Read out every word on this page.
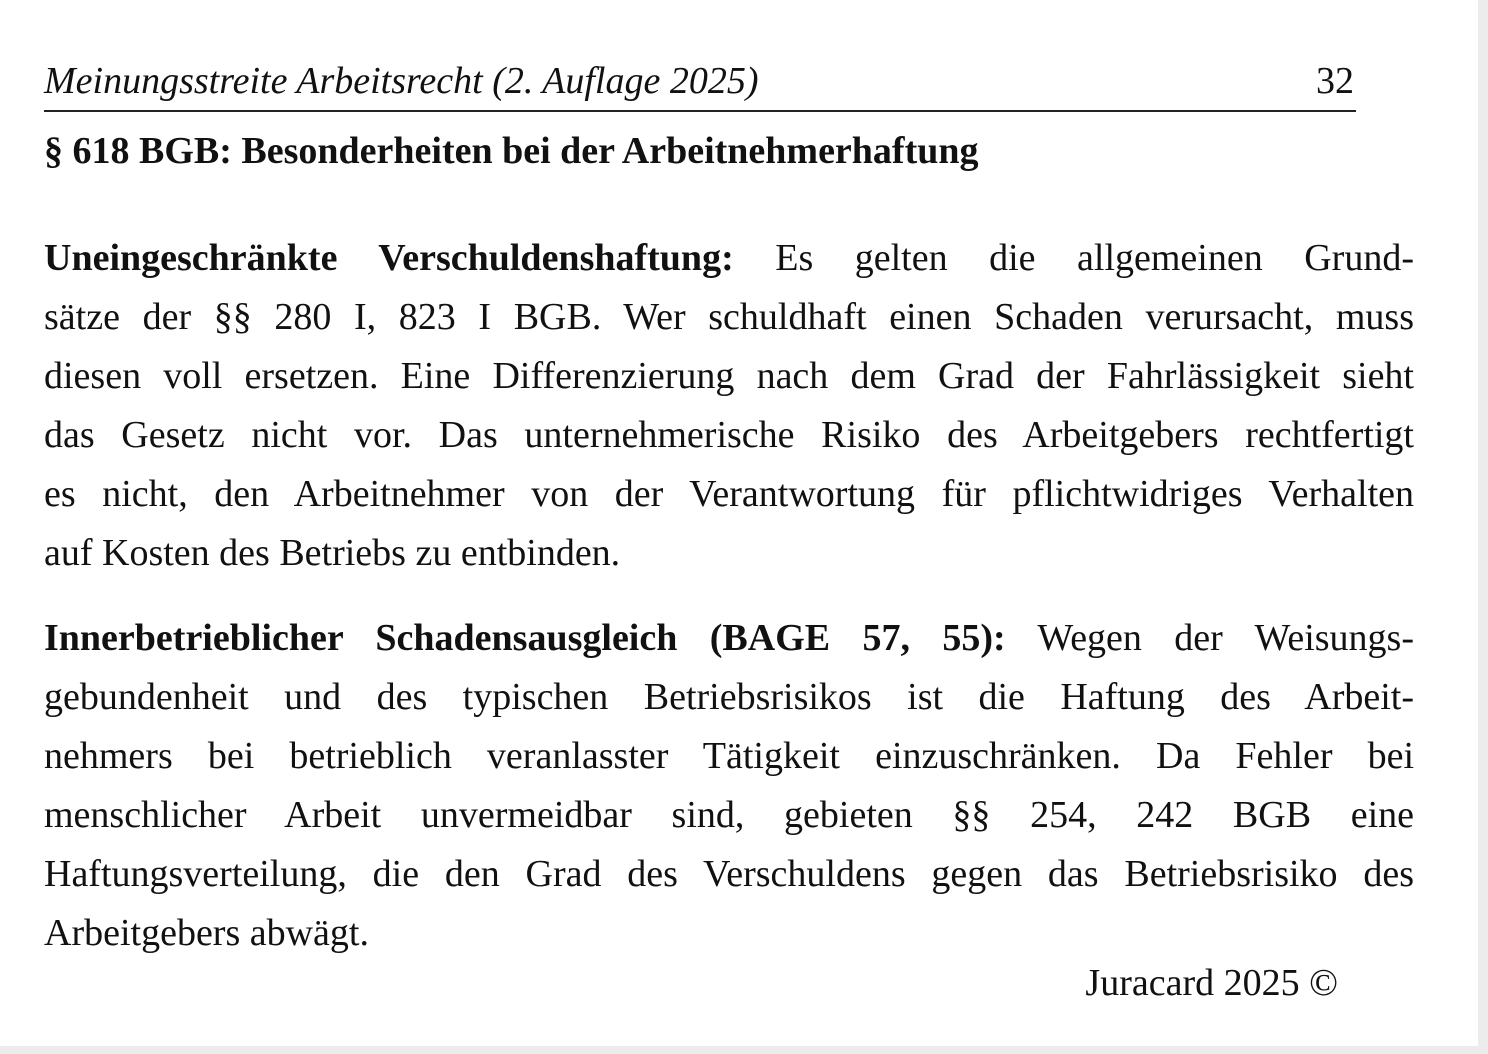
Meinungsstreite Arbeitsrecht (2. Auflage 2025)	32
§ 618 BGB: Besonderheiten bei der Arbeitnehmerhaftung
Uneingeschränkte Verschuldenshaftung: Es gelten die allgemeinen Grund-
sätze der §§ 280 I, 823 I BGB. Wer schuldhaft einen Schaden verursacht, muss
diesen voll ersetzen. Eine Differenzierung nach dem Grad der Fahrlässigkeit sieht
das Gesetz nicht vor. Das unternehmerische Risiko des Arbeitgebers rechtfertigt
es nicht, den Arbeitnehmer von der Verantwortung für pflichtwidriges Verhalten
auf Kosten des Betriebs zu entbinden.
Innerbetrieblicher Schadensausgleich (BAGE 57, 55): Wegen der Weisungs-
gebundenheit und des typischen Betriebsrisikos ist die Haftung des Arbeit-
nehmers bei betrieblich veranlasster Tätigkeit einzuschränken. Da Fehler bei
menschlicher Arbeit unvermeidbar sind, gebieten §§ 254, 242 BGB eine
Haftungsverteilung, die den Grad des Verschuldens gegen das Betriebsrisiko des
Arbeitgebers abwägt.
Juracard 2025 ©
